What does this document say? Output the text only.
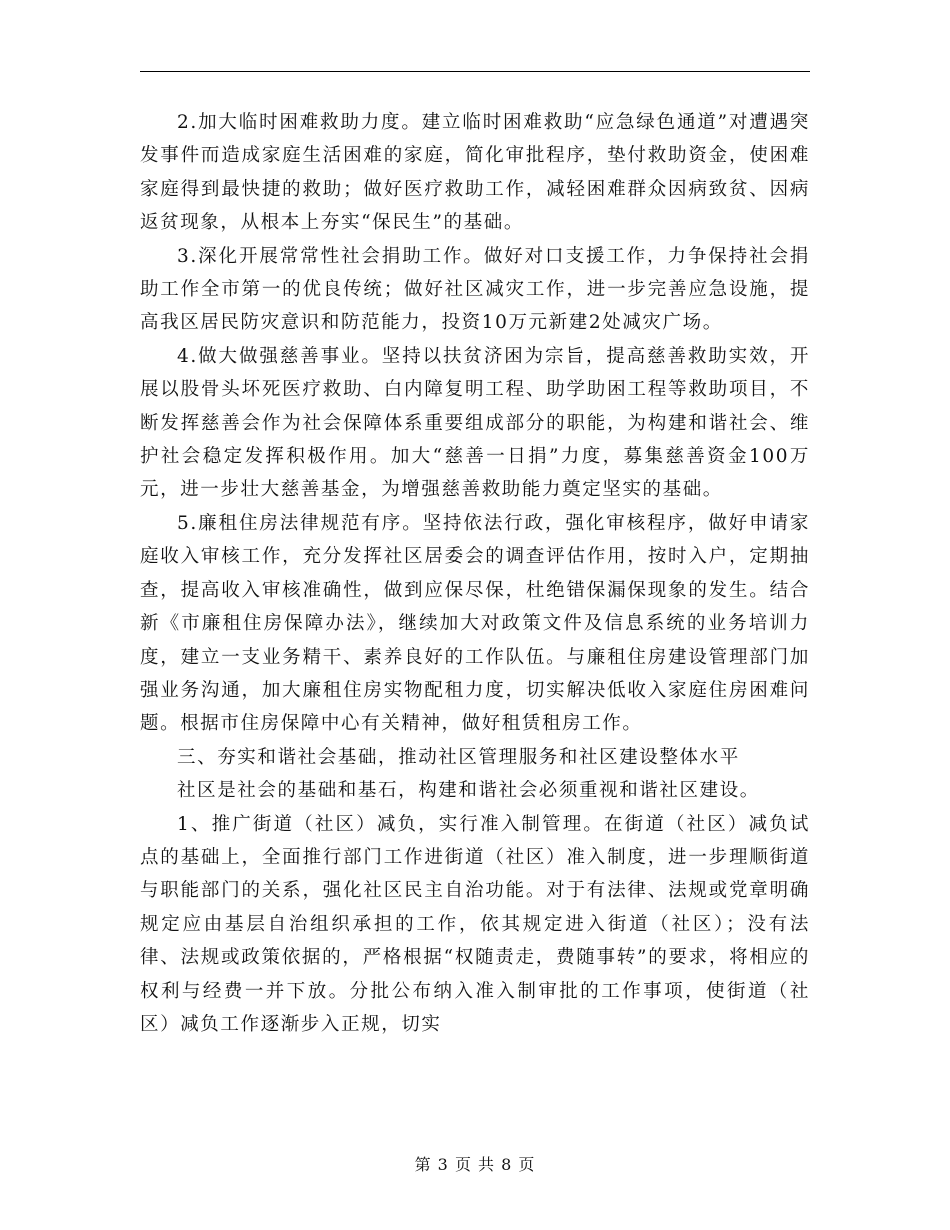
2.加大临时困难救助力度。建立临时困难救助“应急绿色通道”对遭遇突发事件而造成家庭生活困难的家庭，简化审批程序，垫付救助资金，使困难家庭得到最快捷的救助；做好医疗救助工作，减轻困难群众因病致贫、因病返贫现象，从根本上夯实“保民生”的基础。

3.深化开展常常性社会捐助工作。做好对口支援工作，力争保持社会捐助工作全市第一的优良传统；做好社区减灾工作，进一步完善应急设施，提高我区居民防灾意识和防范能力，投资10万元新建2处减灾广场。

4.做大做强慈善事业。坚持以扶贫济困为宗旨，提高慈善救助实效，开展以股骨头坏死医疗救助、白内障复明工程、助学助困工程等救助项目，不断发挥慈善会作为社会保障体系重要组成部分的职能，为构建和谐社会、维护社会稳定发挥积极作用。加大“慈善一日捐”力度，募集慈善资金100万元，进一步壮大慈善基金，为增强慈善救助能力奠定坚实的基础。

5.廉租住房法律规范有序。坚持依法行政，强化审核程序，做好申请家庭收入审核工作，充分发挥社区居委会的调查评估作用，按时入户，定期抽查，提高收入审核准确性，做到应保尽保，杜绝错保漏保现象的发生。结合新《市廉租住房保障办法》，继续加大对政策文件及信息系统的业务培训力度，建立一支业务精干、素养良好的工作队伍。与廉租住房建设管理部门加强业务沟通，加大廉租住房实物配租力度，切实解决低收入家庭住房困难问题。根据市住房保障中心有关精神，做好租赁租房工作。

三、夯实和谐社会基础，推动社区管理服务和社区建设整体水平

社区是社会的基础和基石，构建和谐社会必须重视和谐社区建设。

1、推广街道（社区）减负，实行准入制管理。在街道（社区）减负试点的基础上，全面推行部门工作进街道（社区）准入制度，进一步理顺街道与职能部门的关系，强化社区民主自治功能。对于有法律、法规或党章明确规定应由基层自治组织承担的工作，依其规定进入街道（社区）；没有法律、法规或政策依据的，严格根据“权随责走，费随事转”的要求，将相应的权利与经费一并下放。分批公布纳入准入制审批的工作事项，使街道（社区）减负工作逐渐步入正规，切实

第 3 页 共 8 页
